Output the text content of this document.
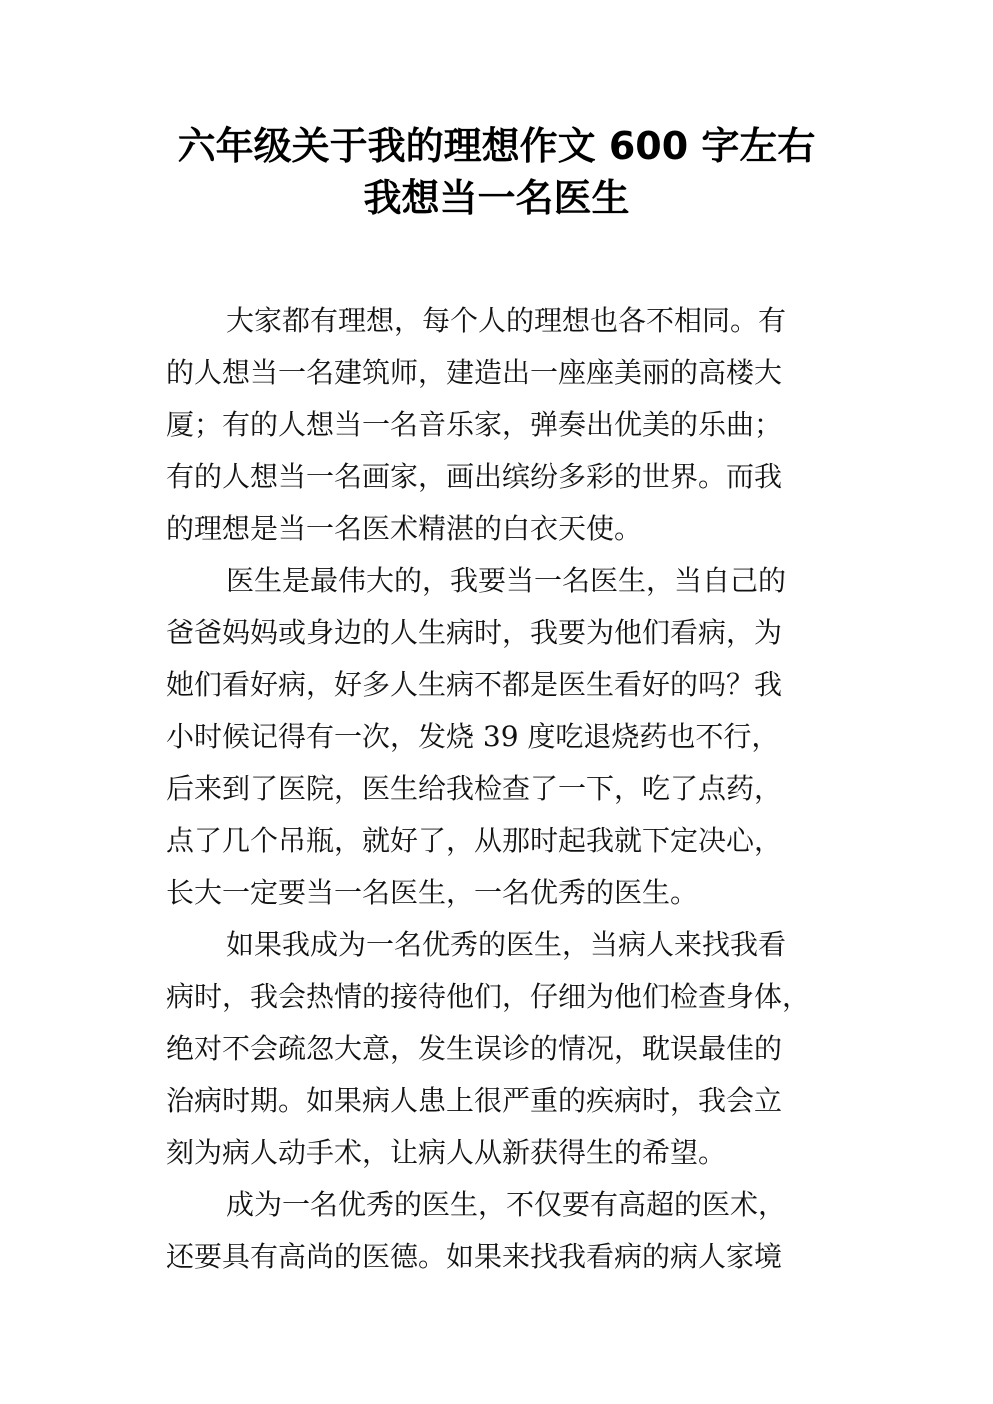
六年级关于我的理想作文 600 字左右
我想当一名医生
大家都有理想，每个人的理想也各不相同。有
的人想当一名建筑师，建造出一座座美丽的高楼大
厦；有的人想当一名音乐家，弹奏出优美的乐曲；
有的人想当一名画家，画出缤纷多彩的世界。而我
的理想是当一名医术精湛的白衣天使。
医生是最伟大的，我要当一名医生，当自己的
爸爸妈妈或身边的人生病时，我要为他们看病，为
她们看好病，好多人生病不都是医生看好的吗？我
小时候记得有一次，发烧 39 度吃退烧药也不行，
后来到了医院，医生给我检查了一下，吃了点药，
点了几个吊瓶，就好了，从那时起我就下定决心，
长大一定要当一名医生，一名优秀的医生。
如果我成为一名优秀的医生，当病人来找我看
病时，我会热情的接待他们，仔细为他们检查身体，
绝对不会疏忽大意，发生误诊的情况，耽误最佳的
治病时期。如果病人患上很严重的疾病时，我会立
刻为病人动手术，让病人从新获得生的希望。
成为一名优秀的医生，不仅要有高超的医术，
还要具有高尚的医德。如果来找我看病的病人家境
